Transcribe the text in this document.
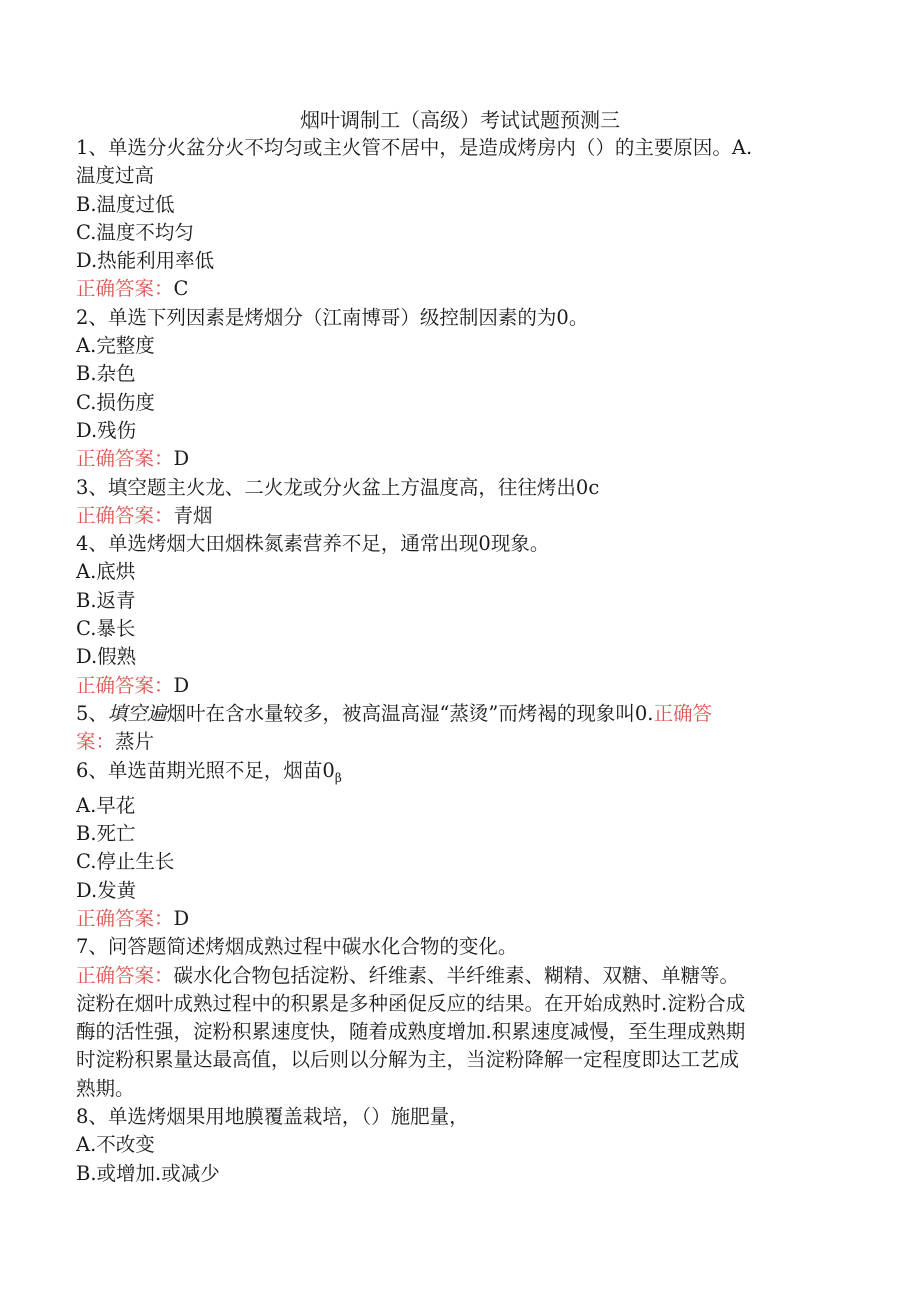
烟叶调制工（高级）考试试题预测三

1、单选分火盆分火不均匀或主火管不居中，是造成烤房内（）的主要原因。A.

温度过高

B.温度过低

C.温度不均匀

D.热能利用率低

正确答案：C

2、单选下列因素是烤烟分（江南博哥）级控制因素的为0。

A.完整度

B.杂色

C.损伤度

D.残伤

正确答案：D

3、填空题主火龙、二火龙或分火盆上方温度高，往往烤出0c

正确答案：青烟

4、单选烤烟大田烟株氮素营养不足，通常出现0现象。

A.底烘

B.返青

C.暴长

D.假熟

正确答案：D

5、填空遍烟叶在含水量较多，被高温高湿“蒸烫”而烤褐的现象叫0.正确答

案：蒸片

6、单选苗期光照不足，烟苗$0_\beta$

A.早花

B.死亡

C.停止生长

D.发黄

正确答案：D

7、问答题简述烤烟成熟过程中碳水化合物的变化。

正确答案：碳水化合物包括淀粉、纤维素、半纤维素、糊精、双糖、单糖等。

淀粉在烟叶成熟过程中的积累是多种函促反应的结果。在开始成熟时.淀粉合成

酶的活性强，淀粉积累速度快，随着成熟度增加.积累速度减慢，至生理成熟期

时淀粉积累量达最高值，以后则以分解为主，当淀粉降解一定程度即达工艺成

熟期。

8、单选烤烟果用地膜覆盖栽培，（）施肥量，

A.不改变

B.或增加.或减少
